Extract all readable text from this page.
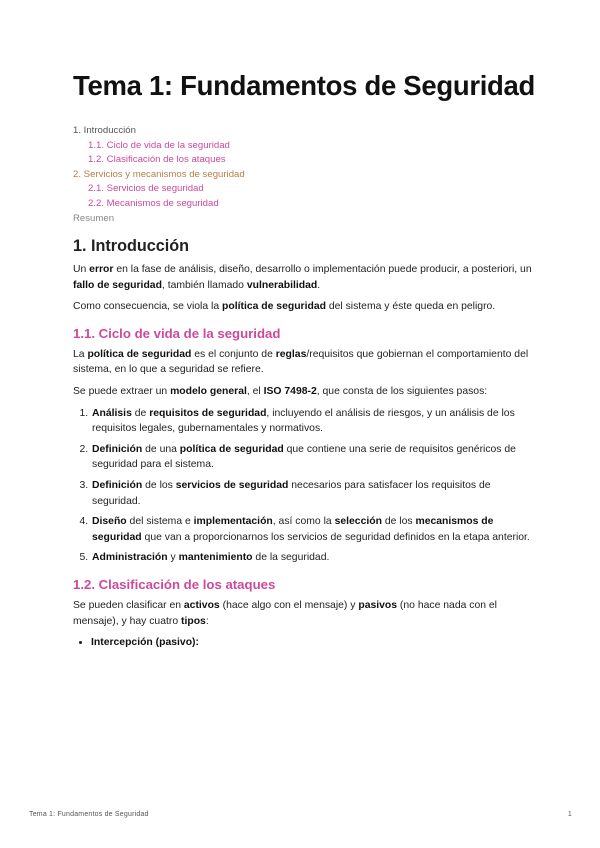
Tema 1: Fundamentos de Seguridad
1. Introducción
1.1. Ciclo de vida de la seguridad
1.2. Clasificación de los ataques
2. Servicios y mecanismos de seguridad
2.1. Servicios de seguridad
2.2. Mecanismos de seguridad
Resumen
1. Introducción

Un error en la fase de análisis, diseño, desarrollo o implementación puede producir, a posteriori, un fallo de seguridad, también llamado vulnerabilidad.

Como consecuencia, se viola la política de seguridad del sistema y éste queda en peligro.

1.1. Ciclo de vida de la seguridad

La política de seguridad es el conjunto de reglas/requisitos que gobiernan el comportamiento del sistema, en lo que a seguridad se refiere.

Se puede extraer un modelo general, el ISO 7498-2, que consta de los siguientes pasos:

1. Análisis de requisitos de seguridad, incluyendo el análisis de riesgos, y un análisis de los requisitos legales, gubernamentales y normativos.
2. Definición de una política de seguridad que contiene una serie de requisitos genéricos de seguridad para el sistema.
3. Definición de los servicios de seguridad necesarios para satisfacer los requisitos de seguridad.
4. Diseño del sistema e implementación, así como la selección de los mecanismos de seguridad que van a proporcionarnos los servicios de seguridad definidos en la etapa anterior.
5. Administración y mantenimiento de la seguridad.
1.2. Clasificación de los ataques

Se pueden clasificar en activos (hace algo con el mensaje) y pasivos (no hace nada con el mensaje), y hay cuatro tipos:

• Intercepción (pasivo):
Tema 1: Fundamentos de Seguridad	1
